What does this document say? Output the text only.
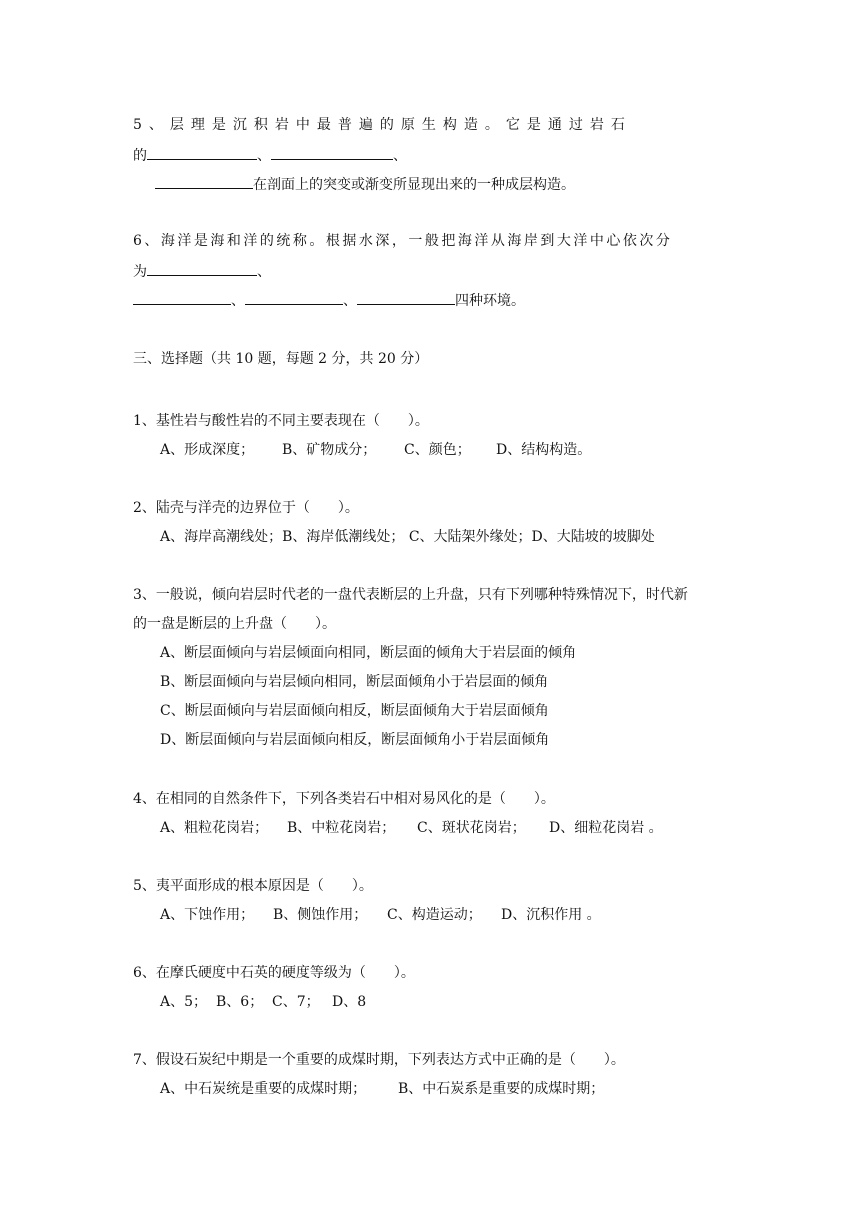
5、层理是沉积岩中最普遍的原生构造。它是通过岩石
的	、	、
在剖面上的突变或渐变所显现出来的一种成层构造。
6、海洋是海和洋的统称。根据水深，一般把海洋从海岸到大洋中心依次分
为	、
、	、	四种环境。
三、选择题（共 10 题，每题 2 分，共 20 分）
1、基性岩与酸性岩的不同主要表现在（　　）。
A、形成深度； B、矿物成分； C、颜色； D、结构构造。
2、陆壳与洋壳的边界位于（　　）。
A、海岸高潮线处；B、海岸低潮线处； C、大陆架外缘处；D、大陆坡的坡脚处
3、一般说，倾向岩层时代老的一盘代表断层的上升盘，只有下列哪种特殊情况下，时代新
的一盘是断层的上升盘（　　）。
A、断层面倾向与岩层倾面向相同，断层面的倾角大于岩层面的倾角
B、断层面倾向与岩层倾向相同，断层面倾角小于岩层面的倾角
C、断层面倾向与岩层面倾向相反，断层面倾角大于岩层面倾角
D、断层面倾向与岩层面倾向相反，断层面倾角小于岩层面倾角
4、在相同的自然条件下，下列各类岩石中相对易风化的是（　　）。
A、粗粒花岗岩； B、中粒花岗岩； C、斑状花岗岩； D、细粒花岗岩 。
5、夷平面形成的根本原因是（　　）。
A、下蚀作用； B、侧蚀作用； C、构造运动； D、沉积作用 。
6、在摩氏硬度中石英的硬度等级为（　　）。
A、5； B、6； C、7； D、8
7、假设石炭纪中期是一个重要的成煤时期，下列表达方式中正确的是（　　）。
A、中石炭统是重要的成煤时期； B、中石炭系是重要的成煤时期；
